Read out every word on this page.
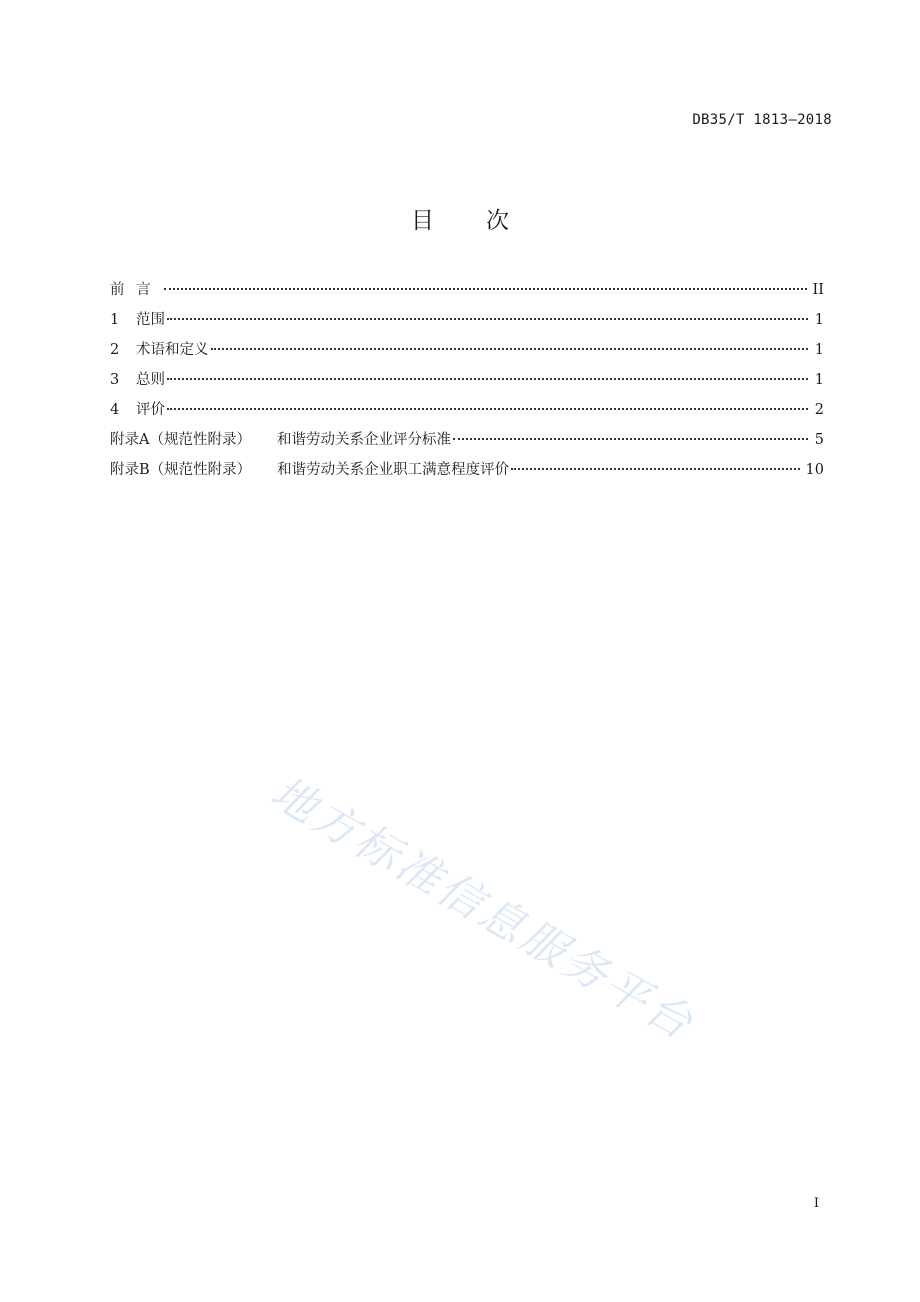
DB35/T 1813—2018
目次
前言	II
1	范围	1
2	术语和定义	1
3	总则	1
4	评价	2
附录A（规范性附录） 和谐劳动关系企业评分标准	5
附录B（规范性附录） 和谐劳动关系企业职工满意程度评价	10
地方标准信息服务平台
I
